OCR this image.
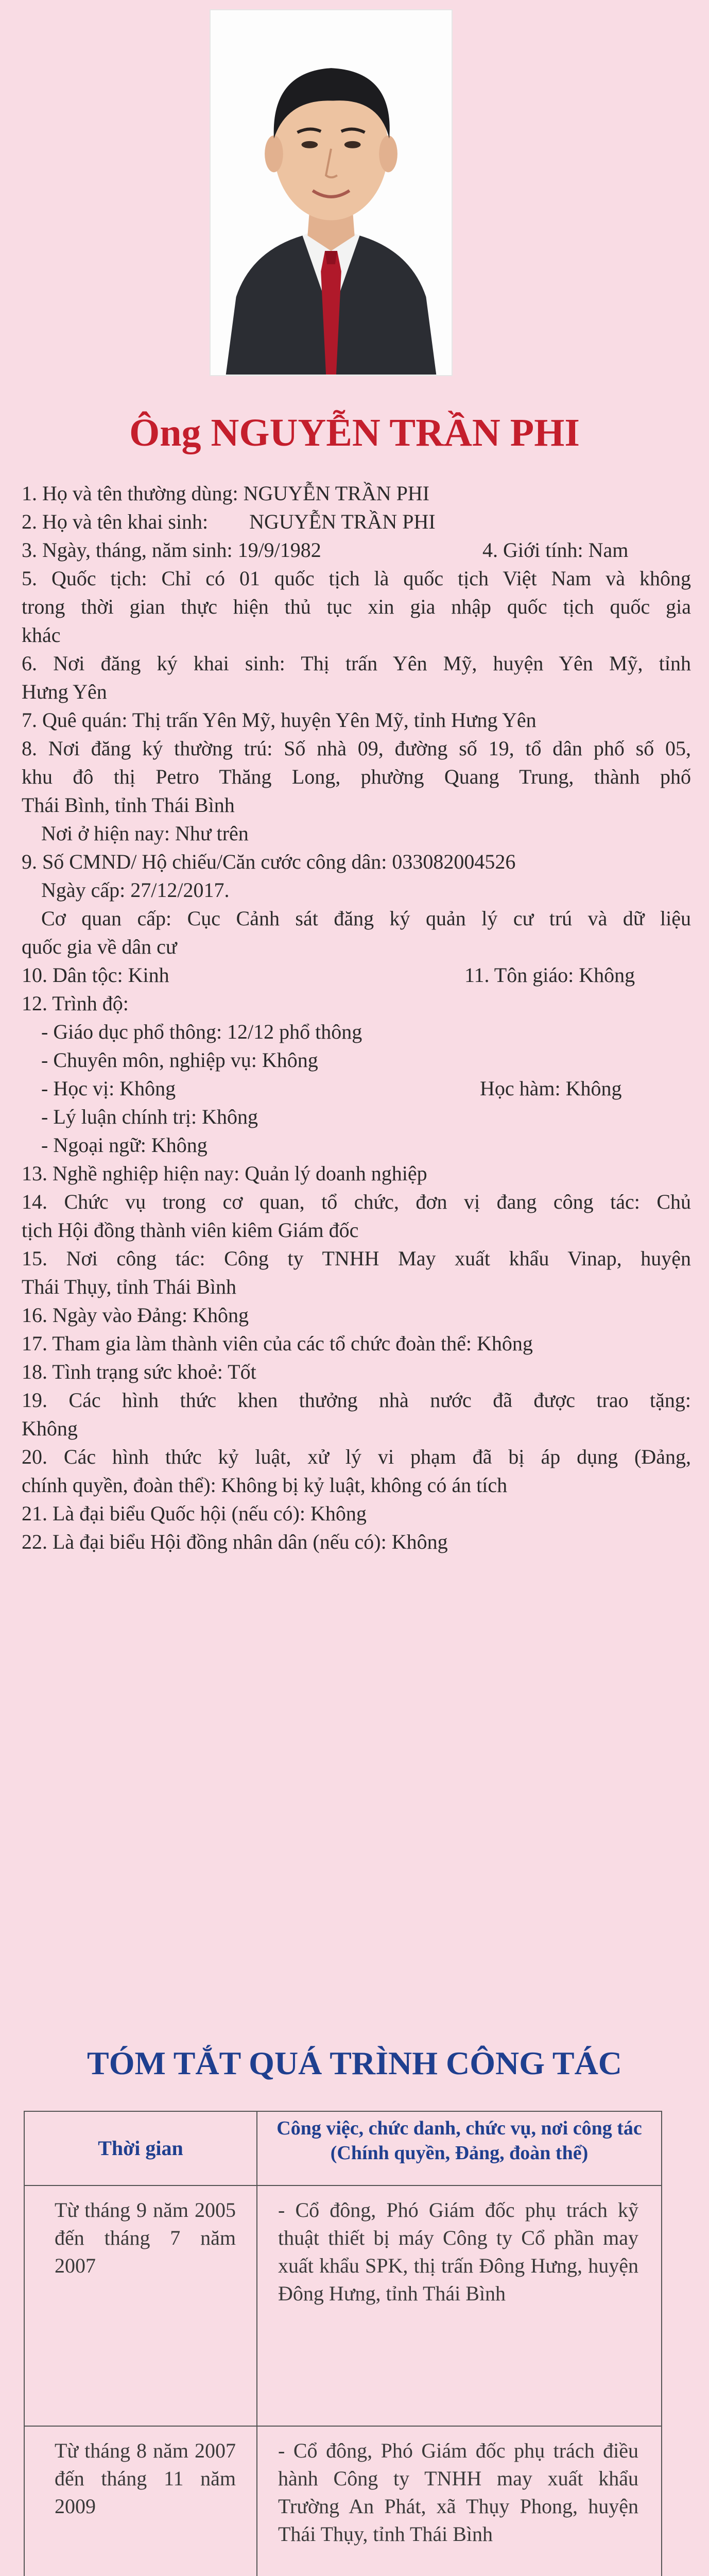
Ông NGUYỄN TRẦN PHI
1. Họ và tên thường dùng: NGUYỄN TRẦN PHI
2. Họ và tên khai sinh:        NGUYỄN TRẦN PHI
3. Ngày, tháng, năm sinh: 19/9/1982	4. Giới tính: Nam
5. Quốc tịch: Chỉ có 01 quốc tịch là quốc tịch Việt Nam và không
trong thời gian thực hiện thủ tục xin gia nhập quốc tịch quốc gia
khác
6. Nơi đăng ký khai sinh: Thị trấn Yên Mỹ, huyện Yên Mỹ, tỉnh
Hưng Yên
7. Quê quán: Thị trấn Yên Mỹ, huyện Yên Mỹ, tỉnh Hưng Yên
8. Nơi đăng ký thường trú: Số nhà 09, đường số 19, tổ dân phố số 05,
khu đô thị Petro Thăng Long, phường Quang Trung, thành phố
Thái Bình, tỉnh Thái Bình
Nơi ở hiện nay: Như trên
9. Số CMND/ Hộ chiếu/Căn cước công dân: 033082004526
Ngày cấp: 27/12/2017.
Cơ quan cấp: Cục Cảnh sát đăng ký quản lý cư trú và dữ liệu
quốc gia về dân cư
10. Dân tộc: Kinh	11. Tôn giáo: Không
12. Trình độ:
- Giáo dục phổ thông: 12/12 phổ thông
- Chuyên môn, nghiệp vụ: Không
- Học vị: Không	Học hàm: Không
- Lý luận chính trị: Không
- Ngoại ngữ: Không
13. Nghề nghiệp hiện nay: Quản lý doanh nghiệp
14. Chức vụ trong cơ quan, tổ chức, đơn vị đang công tác: Chủ
tịch Hội đồng thành viên kiêm Giám đốc
15. Nơi công tác: Công ty TNHH May xuất khẩu Vinap, huyện
Thái Thụy, tỉnh Thái Bình
16. Ngày vào Đảng: Không
17. Tham gia làm thành viên của các tổ chức đoàn thể: Không
18. Tình trạng sức khoẻ: Tốt
19. Các hình thức khen thưởng nhà nước đã được trao tặng:
Không
20. Các hình thức kỷ luật, xử lý vi phạm đã bị áp dụng (Đảng,
chính quyền, đoàn thể): Không bị kỷ luật, không có án tích
21. Là đại biểu Quốc hội (nếu có): Không
22. Là đại biểu Hội đồng nhân dân (nếu có): Không
TÓM TẮT QUÁ TRÌNH CÔNG TÁC
Thời gian	Công việc, chức danh, chức vụ, nơi công tác
(Chính quyền, Đảng, đoàn thể)

Từ tháng 9 năm 2005 đến tháng 7 năm 2007	- Cổ đông, Phó Giám đốc phụ trách kỹ thuật thiết bị máy Công ty Cổ phần may xuất khẩu SPK, thị trấn Đông Hưng, huyện Đông Hưng, tỉnh Thái Bình
Từ tháng 8 năm 2007 đến tháng 11 năm 2009	- Cổ đông, Phó Giám đốc phụ trách điều hành Công ty TNHH may xuất khẩu Trường An Phát, xã Thụy Phong, huyện Thái Thụy, tỉnh Thái Bình
